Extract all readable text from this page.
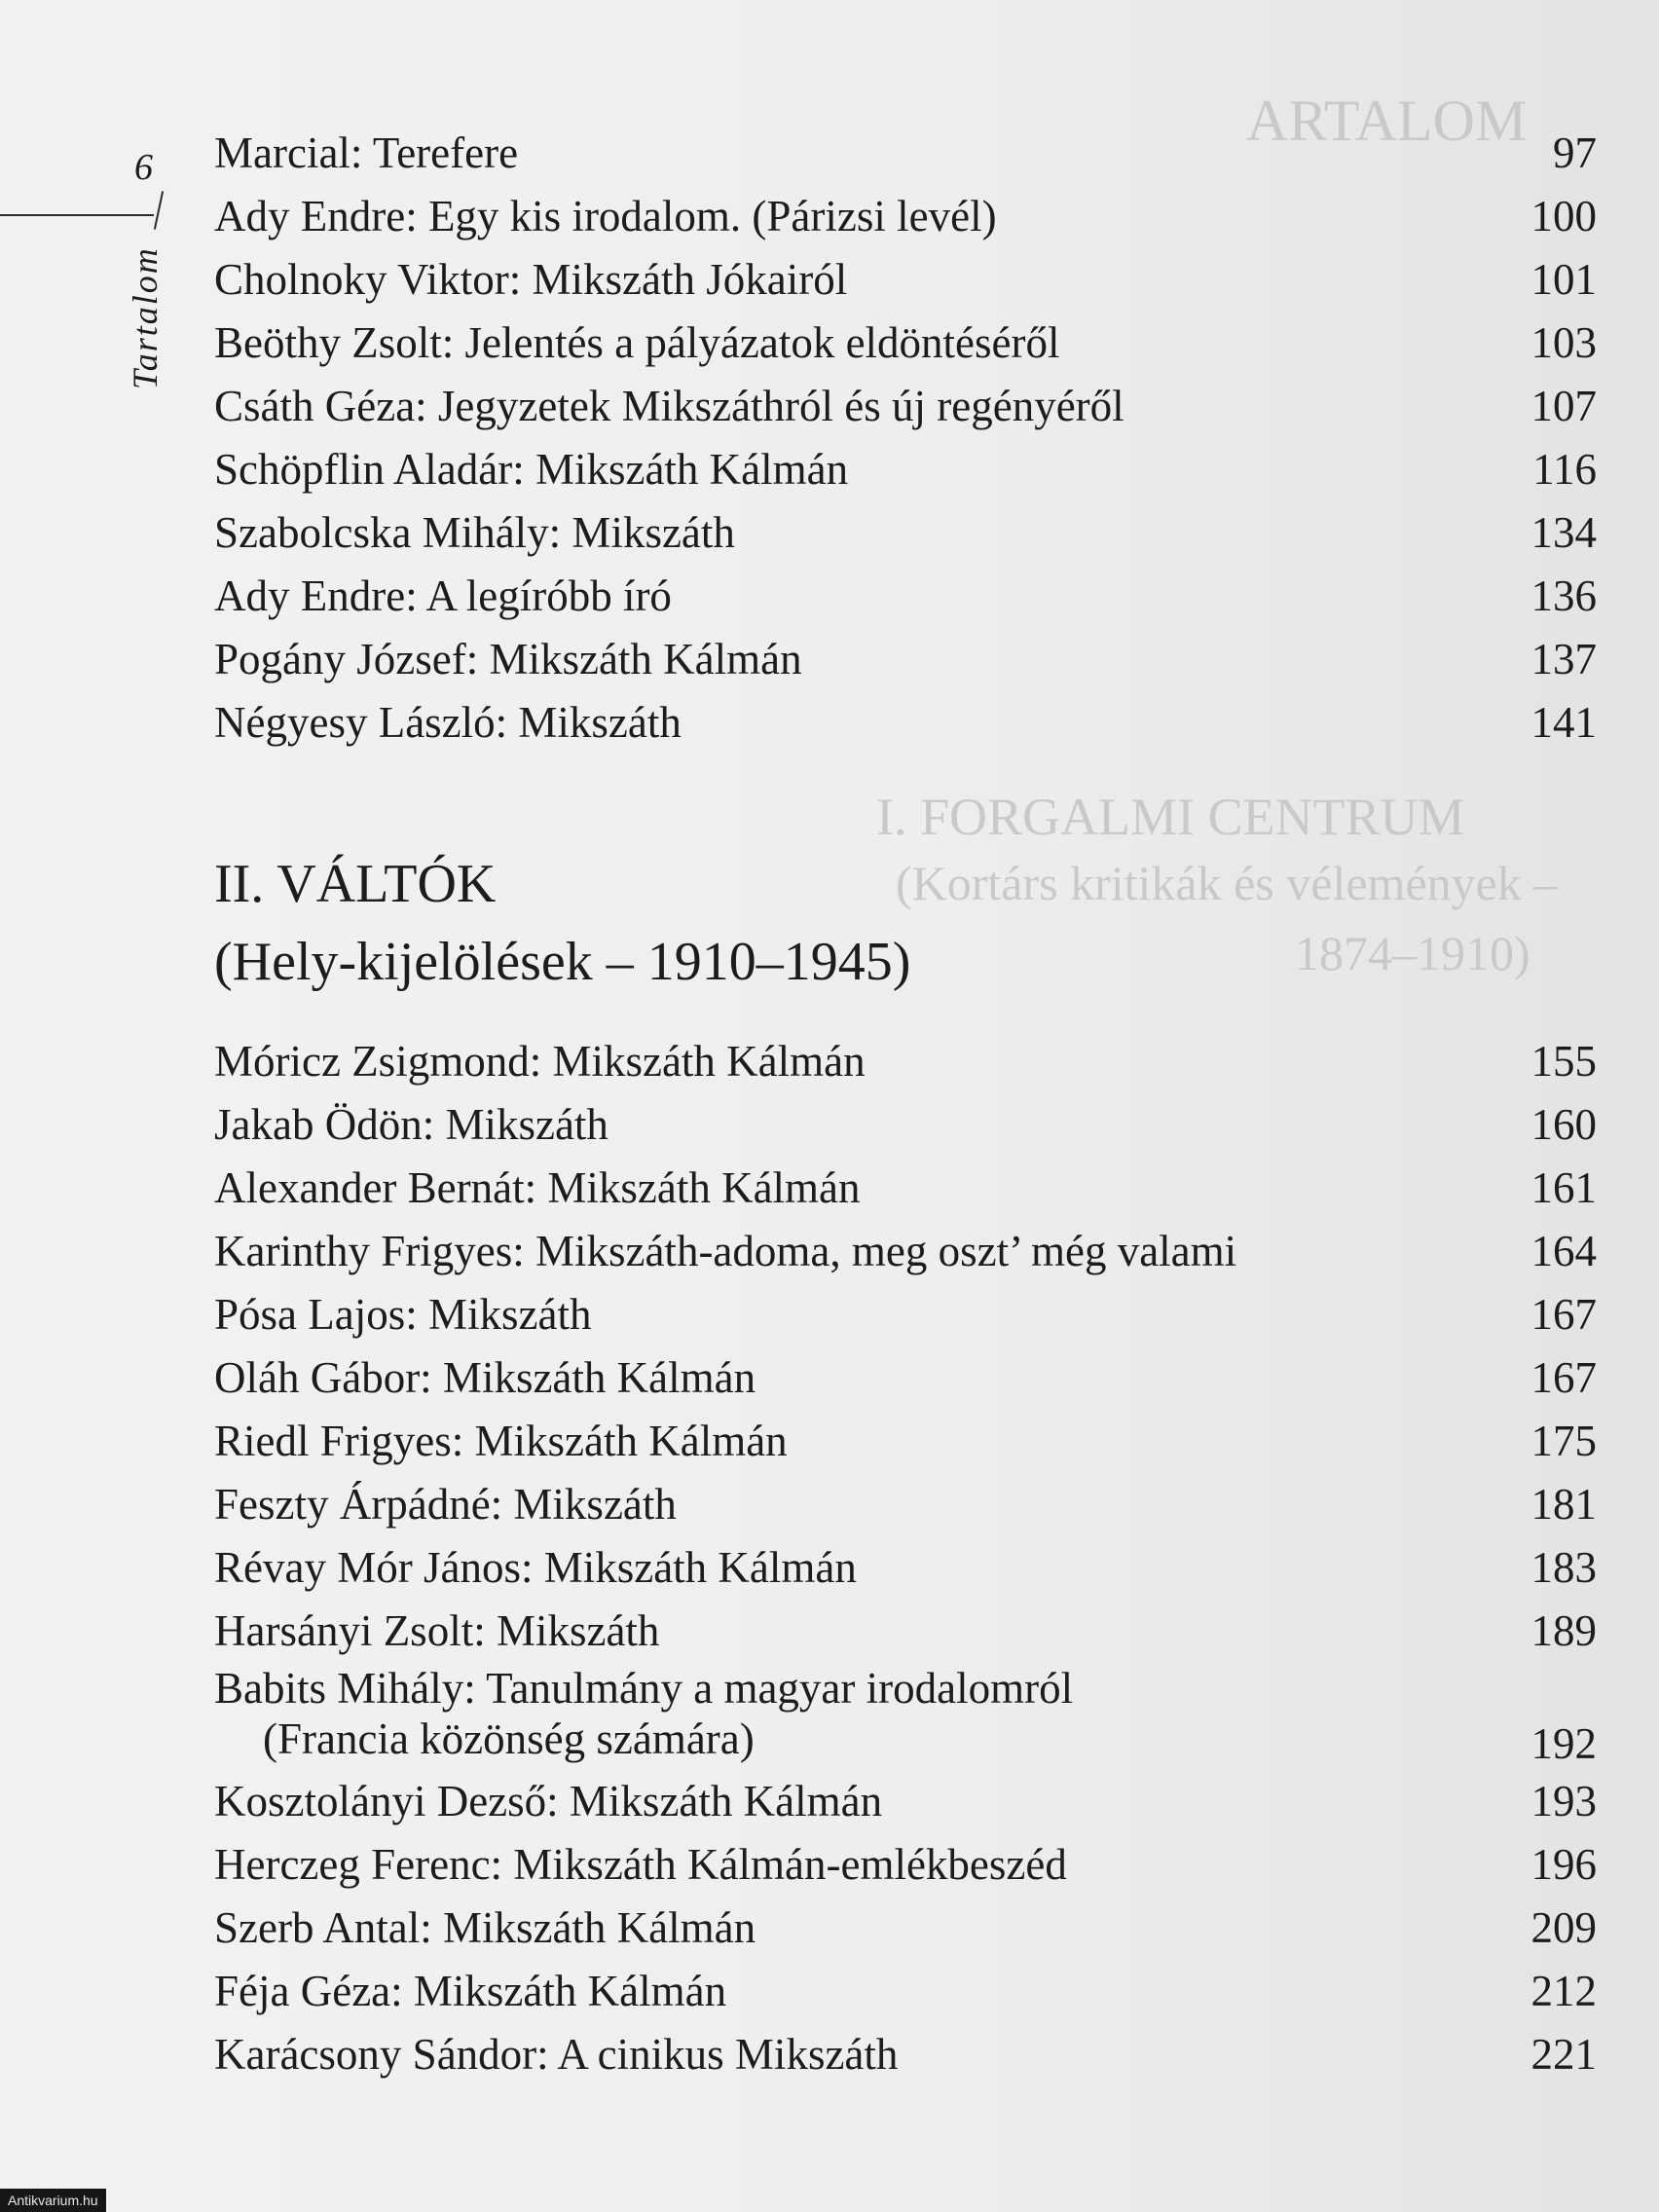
6
Tartalom
ARTALOM
I. FORGALMI CENTRUM
(Kortárs kritikák és vélemények –
1874–1910)
Marcial: Terefere	97
Ady Endre: Egy kis irodalom. (Párizsi levél)	100
Cholnoky Viktor: Mikszáth Jókairól	101
Beöthy Zsolt: Jelentés a pályázatok eldöntéséről	103
Csáth Géza: Jegyzetek Mikszáthról és új regényéről	107
Schöpflin Aladár: Mikszáth Kálmán	116
Szabolcska Mihály: Mikszáth	134
Ady Endre: A legíróbb író	136
Pogány József: Mikszáth Kálmán	137
Négyesy László: Mikszáth	141
II. VÁLTÓK
(Hely-kijelölések – 1910–1945)
Móricz Zsigmond: Mikszáth Kálmán	155
Jakab Ödön: Mikszáth	160
Alexander Bernát: Mikszáth Kálmán	161
Karinthy Frigyes: Mikszáth-adoma, meg oszt’ még valami	164
Pósa Lajos: Mikszáth	167
Oláh Gábor: Mikszáth Kálmán	167
Riedl Frigyes: Mikszáth Kálmán	175
Feszty Árpádné: Mikszáth	181
Révay Mór János: Mikszáth Kálmán	183
Harsányi Zsolt: Mikszáth	189
Babits Mihály: Tanulmány a magyar irodalomról
(Francia közönség számára)	192
Kosztolányi Dezső: Mikszáth Kálmán	193
Herczeg Ferenc: Mikszáth Kálmán-emlékbeszéd	196
Szerb Antal: Mikszáth Kálmán	209
Féja Géza: Mikszáth Kálmán	212
Karácsony Sándor: A cinikus Mikszáth	221
Antikvarium.hu
